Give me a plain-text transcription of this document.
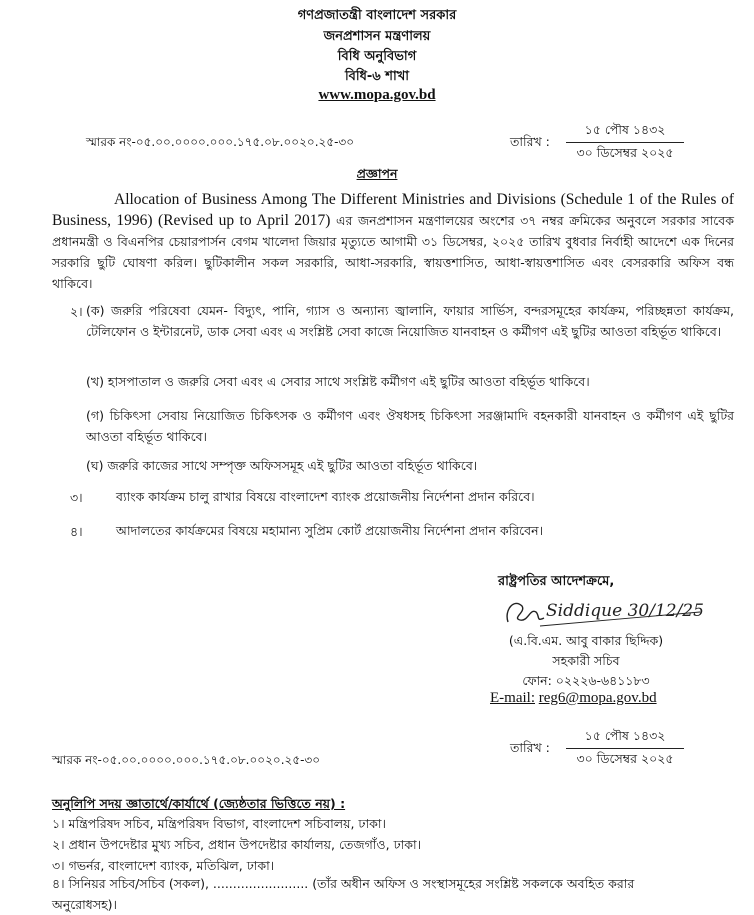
গণপ্রজাতন্ত্রী বাংলাদেশ সরকার
জনপ্রশাসন মন্ত্রণালয়
বিধি অনুবিভাগ
বিধি-৬ শাখা
www.mopa.gov.bd
স্মারক নং-০৫.০০.০০০০.০০০.১৭৫.০৮.০০২০.২৫-৩০	তারিখ :
১৫ পৌষ ১৪৩২
৩০ ডিসেম্বর ২০২৫
প্রজ্ঞাপন
Allocation of Business Among The Different Ministries and Divisions (Schedule 1 of the Rules of Business, 1996) (Revised up to April 2017) এর জনপ্রশাসন মন্ত্রণালয়ের অংশের ৩৭ নম্বর ক্রমিকের অনুবলে সরকার সাবেক প্রধানমন্ত্রী ও বিএনপির চেয়ারপার্সন বেগম খালেদা জিয়ার মৃত্যুতে আগামী ৩১ ডিসেম্বর, ২০২৫ তারিখ বুধবার নির্বাহী আদেশে এক দিনের সরকারি ছুটি ঘোষণা করিল। ছুটিকালীন সকল সরকারি, আধা-সরকারি, স্বায়ত্তশাসিত, আধা-স্বায়ত্তশাসিত এবং বেসরকারি অফিস বন্ধ থাকিবে।
২। (ক) জরুরি পরিষেবা যেমন- বিদ্যুৎ, পানি, গ্যাস ও অন্যান্য জ্বালানি, ফায়ার সার্ভিস, বন্দরসমূহের কার্যক্রম, পরিচ্ছন্নতা কার্যক্রম, টেলিফোন ও ইন্টারনেট, ডাক সেবা এবং এ সংশ্লিষ্ট সেবা কাজে নিয়োজিত যানবাহন ও কর্মীগণ এই ছুটির আওতা বহির্ভূত থাকিবে।
(খ) হাসপাতাল ও জরুরি সেবা এবং এ সেবার সাথে সংশ্লিষ্ট কর্মীগণ এই ছুটির আওতা বহির্ভূত থাকিবে।
(গ) চিকিৎসা সেবায় নিয়োজিত চিকিৎসক ও কর্মীগণ এবং ঔষধসহ চিকিৎসা সরঞ্জামাদি বহনকারী যানবাহন ও কর্মীগণ এই ছুটির আওতা বহির্ভূত থাকিবে।
(ঘ) জরুরি কাজের সাথে সম্পৃক্ত অফিসসমূহ এই ছুটির আওতা বহির্ভূত থাকিবে।
৩।	ব্যাংক কার্যক্রম চালু রাখার বিষয়ে বাংলাদেশ ব্যাংক প্রয়োজনীয় নির্দেশনা প্রদান করিবে।
৪।	আদালতের কার্যক্রমের বিষয়ে মহামান্য সুপ্রিম কোর্ট প্রয়োজনীয় নির্দেশনা প্রদান করিবেন।
রাষ্ট্রপতির আদেশক্রমে,
Siddique 30/12/25
(এ.বি.এম. আবু বাকার ছিদ্দিক)
সহকারী সচিব
ফোন: ০২২২৬-৬৪১১৮৩
E-mail: reg6@mopa.gov.bd
তারিখ :
১৫ পৌষ ১৪৩২
৩০ ডিসেম্বর ২০২৫
স্মারক নং-০৫.০০.০০০০.০০০.১৭৫.০৮.০০২০.২৫-৩০
অনুলিপি সদয় জ্ঞাতার্থে/কার্যার্থে (জ্যেষ্ঠতার ভিত্তিতে নয়) :
১। মন্ত্রিপরিষদ সচিব, মন্ত্রিপরিষদ বিভাগ, বাংলাদেশ সচিবালয়, ঢাকা।
২। প্রধান উপদেষ্টার মুখ্য সচিব, প্রধান উপদেষ্টার কার্যালয়, তেজগাঁও, ঢাকা।
৩। গভর্নর, বাংলাদেশ ব্যাংক, মতিঝিল, ঢাকা।
৪। সিনিয়র সচিব/সচিব (সকল), ........................ (তাঁর অধীন অফিস ও সংস্থাসমূহের সংশ্লিষ্ট সকলকে অবহিত করার অনুরোধসহ)।
